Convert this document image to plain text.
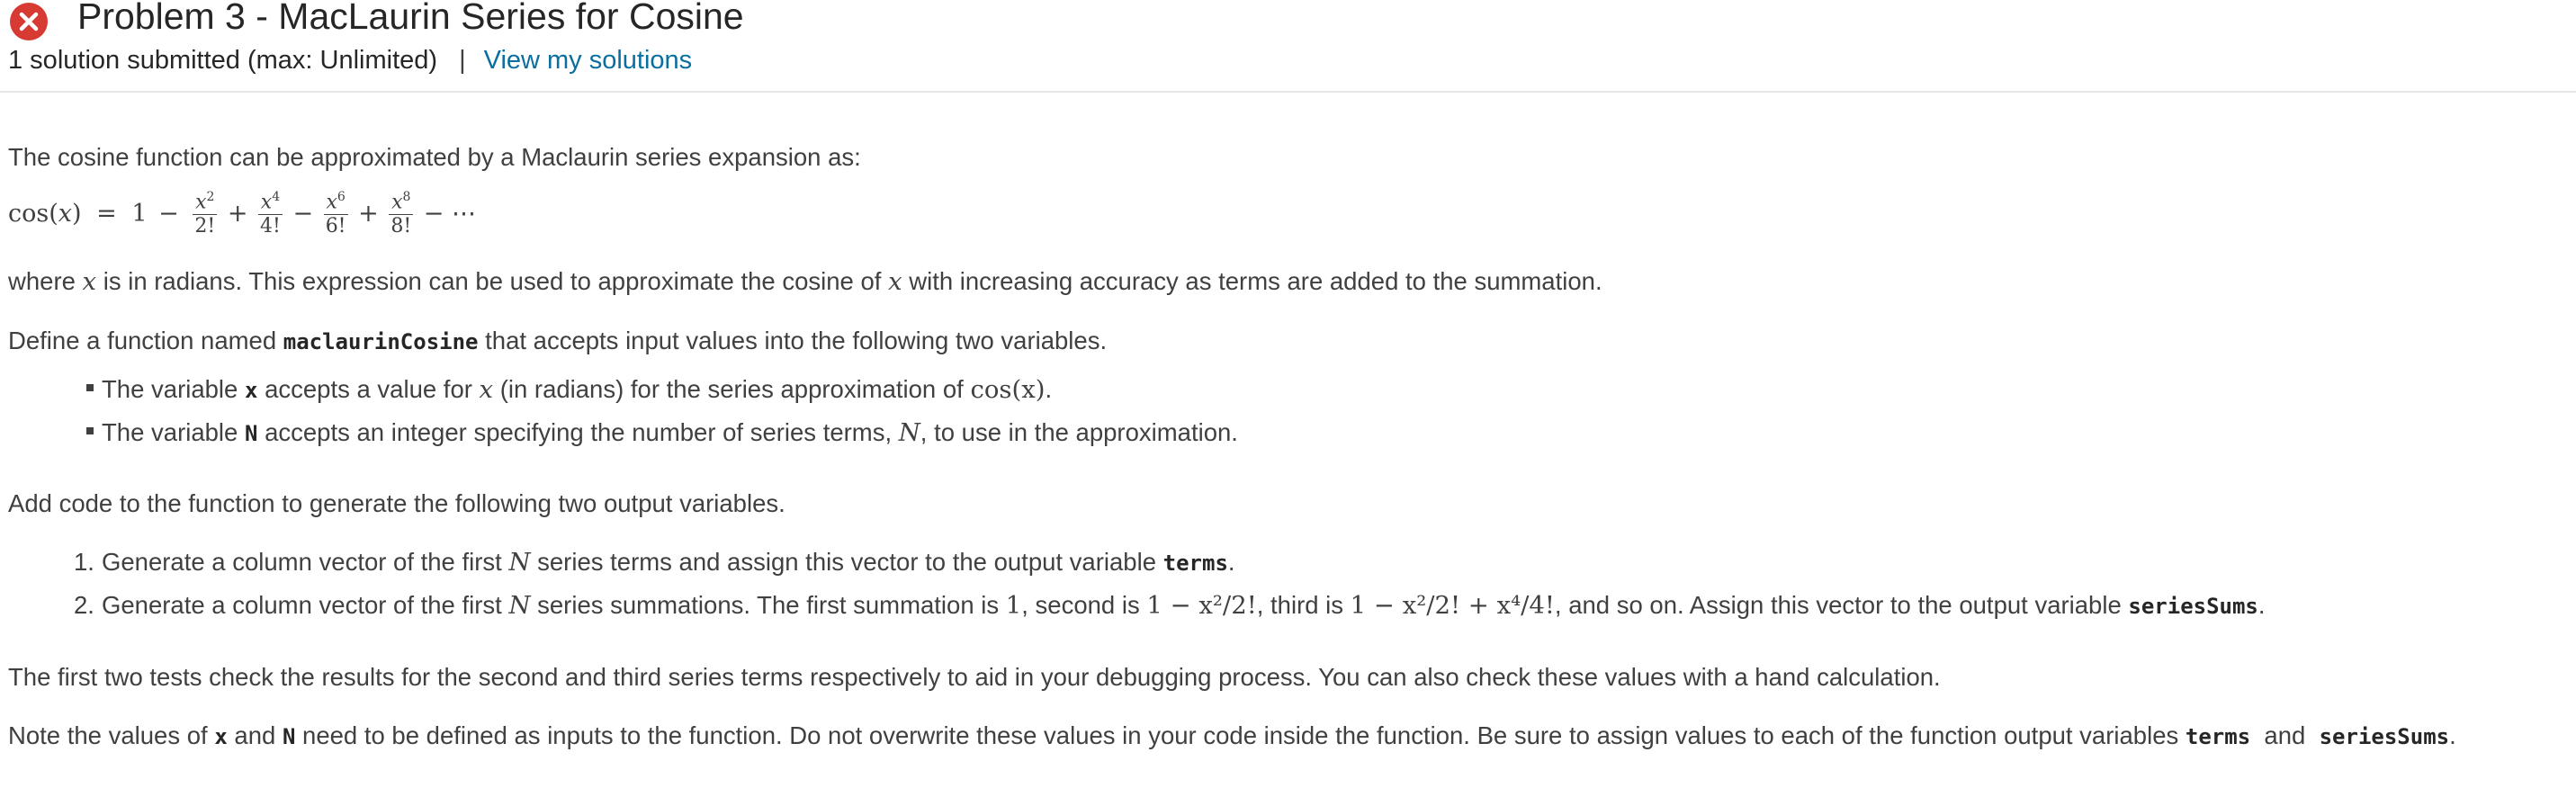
Problem 3 - MacLaurin Series for Cosine
1 solution submitted (max: Unlimited) | View my solutions

The cosine function can be approximated by a Maclaurin series expansion as:

$\cos(x) = 1 - \frac{x^2}{2!} + \frac{x^4}{4!} - \frac{x^6}{6!} + \frac{x^8}{8!}$ − ⋯

where x is in radians. This expression can be used to approximate the cosine of x with increasing accuracy as terms are added to the summation.

Define a function named maclaurinCosine that accepts input values into the following two variables.

The variable x accepts a value for x (in radians) for the series approximation of cos(x).
The variable N accepts an integer specifying the number of series terms, N, to use in the approximation.

Add code to the function to generate the following two output variables.

1. Generate a column vector of the first N series terms and assign this vector to the output variable terms.
2. Generate a column vector of the first N series summations. The first summation is 1, second is 1 − x²/2!, third is 1 − x²/2! + x⁴/4!, and so on. Assign this vector to the output variable seriesSums.

The first two tests check the results for the second and third series terms respectively to aid in your debugging process. You can also check these values with a hand calculation.

Note the values of x and N need to be defined as inputs to the function. Do not overwrite these values in your code inside the function. Be sure to assign values to each of the function output variables terms  and  seriesSums.
